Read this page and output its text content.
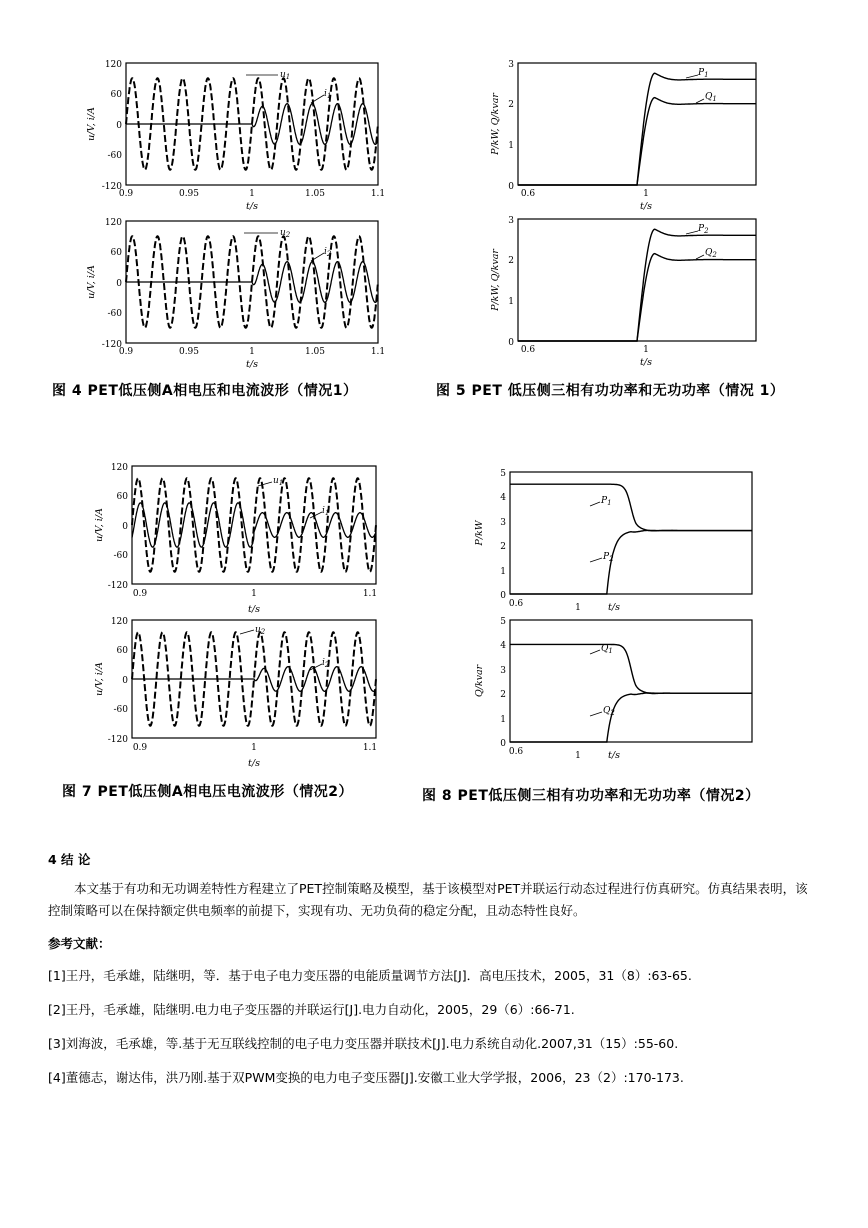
120
60
0
-60
-120
0.9	0.95	1	1.05	1.1
$u_1$
$i_1$
u/V, i/A
t/s
120
60
0
-60
-120
0.9	0.95	1	1.05	1.1
$u_2$
$i_2$
u/V, i/A
t/s
图 4 PET低压侧A相电压和电流波形（情况1）
3
2
1
0
0.6	1
$P_1$
$Q_1$
P/kW, Q/kvar
t/s
3
2
1
0
0.6	1
$P_2$
$Q_2$
P/kW, Q/kvar
t/s
图 5 PET 低压侧三相有功功率和无功功率（情况 1）
120
60
0
-60
-120
0.9	1	1.1
$u_1$
$i_1$
u/V, i/A
t/s
120
60
0
-60
-120
0.9	1	1.1
$u_2$
$i_2$
u/V, i/A
t/s
图 7 PET低压侧A相电压电流波形（情况2）
5
4
3
2
1
0
0.6	1
$P_1$
$P_2$
P/kW
t/s
5
4
3
2
1
0
0.6	1
$Q_1$
$Q_2$
Q/kvar
t/s
图 8 PET低压侧三相有功功率和无功功率（情况2）
4 结 论
本文基于有功和无功调差特性方程建立了PET控制策略及模型，基于该模型对PET并联运行动态过程进行仿真研究。仿真结果表明，该控制策略可以在保持额定供电频率的前提下，实现有功、无功负荷的稳定分配，且动态特性良好。
参考文献：
[1]王丹，毛承雄，陆继明，等．基于电子电力变压器的电能质量调节方法[J]．高电压技术，2005，31（8）:63-65.
[2]王丹，毛承雄，陆继明.电力电子变压器的并联运行[J].电力自动化，2005，29（6）:66-71.
[3]刘海波，毛承雄，等.基于无互联线控制的电子电力变压器并联技术[J].电力系统自动化.2007,31（15）:55-60.
[4]董德志，谢达伟，洪乃刚.基于双PWM变换的电力电子变压器[J].安徽工业大学学报，2006，23（2）:170-173.
